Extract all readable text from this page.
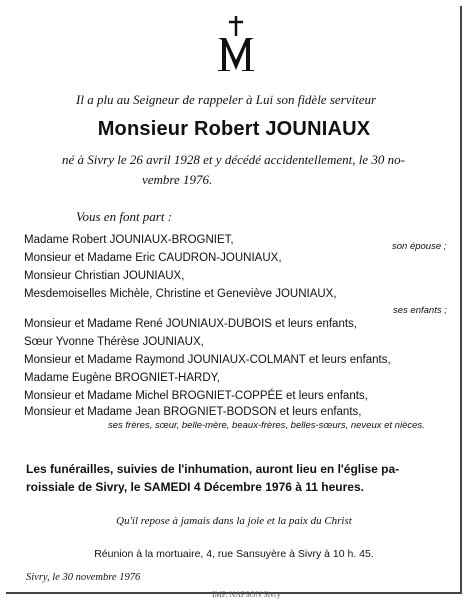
Il a plu au Seigneur de rappeler à Lui son fidèle serviteur
Monsieur Robert JOUNIAUX
né à Sivry le 26 avril 1928 et y décédé accidentellement, le 30 no-
vembre 1976.
Vous en font part :
Madame Robert JOUNIAUX-BROGNIET,
son épouse ;
Monsieur et Madame Eric CAUDRON-JOUNIAUX,
Monsieur Christian JOUNIAUX,
Mesdemoiselles Michèle, Christine et Geneviève JOUNIAUX,
ses enfants ;
Monsieur et Madame René JOUNIAUX-DUBOIS et leurs enfants,
Sœur Yvonne Thérèse JOUNIAUX,
Monsieur et Madame Raymond JOUNIAUX-COLMANT et leurs enfants,
Madame Eugène BROGNIET-HARDY,
Monsieur et Madame Michel BROGNIET-COPPÉE et leurs enfants,
Monsieur et Madame Jean BROGNIET-BODSON et leurs enfants,
ses frères, sœur, belle-mère, beaux-frères, belles-sœurs, neveux et nièces.
Les funérailles, suivies de l'inhumation, auront lieu en l'église pa-
roissiale de Sivry, le SAMEDI 4 Décembre 1976 à 11 heures.
Qu'il repose à jamais dans la joie et la paix du Christ
Réunion à la mortuaire, 4, rue Sansuyère à Sivry à 10 h. 45.
Sivry, le 30 novembre 1976
IMP. NAPSON Sivry
